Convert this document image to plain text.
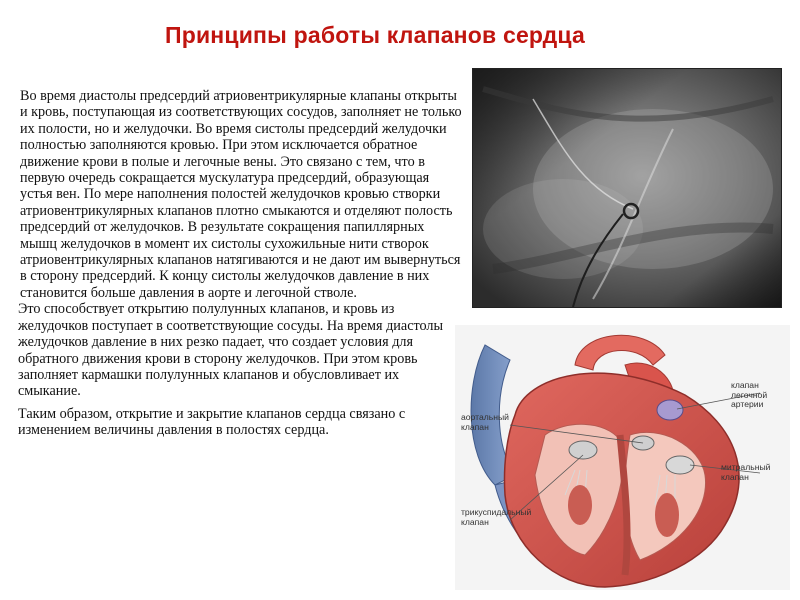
Принципы работы клапанов сердца

Во время диастолы предсердий атриовентрикулярные клапаны открыты и кровь, поступающая из соответствующих сосудов, заполняет не только их полости, но и желудочки. Во время систолы предсердий желудочки полностью заполняются кровью. При этом исключается обратное движение крови в полые и легочные вены. Это связано с тем, что в первую очередь сокращается мускулатура предсердий, образующая устья вен. По мере наполнения полостей желудочков кровью створки атриовентрикулярных клапанов плотно смыкаются и отделяют полость предсердий от желудочков. В результате сокращения папиллярных мышц желудочков в момент их систолы сухожильные нити створок атриовентрикулярных клапанов натягиваются и не дают им вывернуться в сторону предсердий. К концу систолы желудочков давление в них становится больше давления в аорте и легочной стволе.

Это способствует открытию полулунных клапанов, и кровь из желудочков поступает в соответствующие сосуды. На время диастолы желудочков давление в них резко падает, что создает условия для обратного движения крови в сторону желудочков. При этом кровь заполняет кармашки полулунных клапанов и обусловливает их смыкание.

Таким образом, открытие и закрытие клапанов сердца связано с изменением величины давления в полостях сердца.

клапан легочной артерии
аортальный клапан
митральный клапан
трикуспидальный клапан
